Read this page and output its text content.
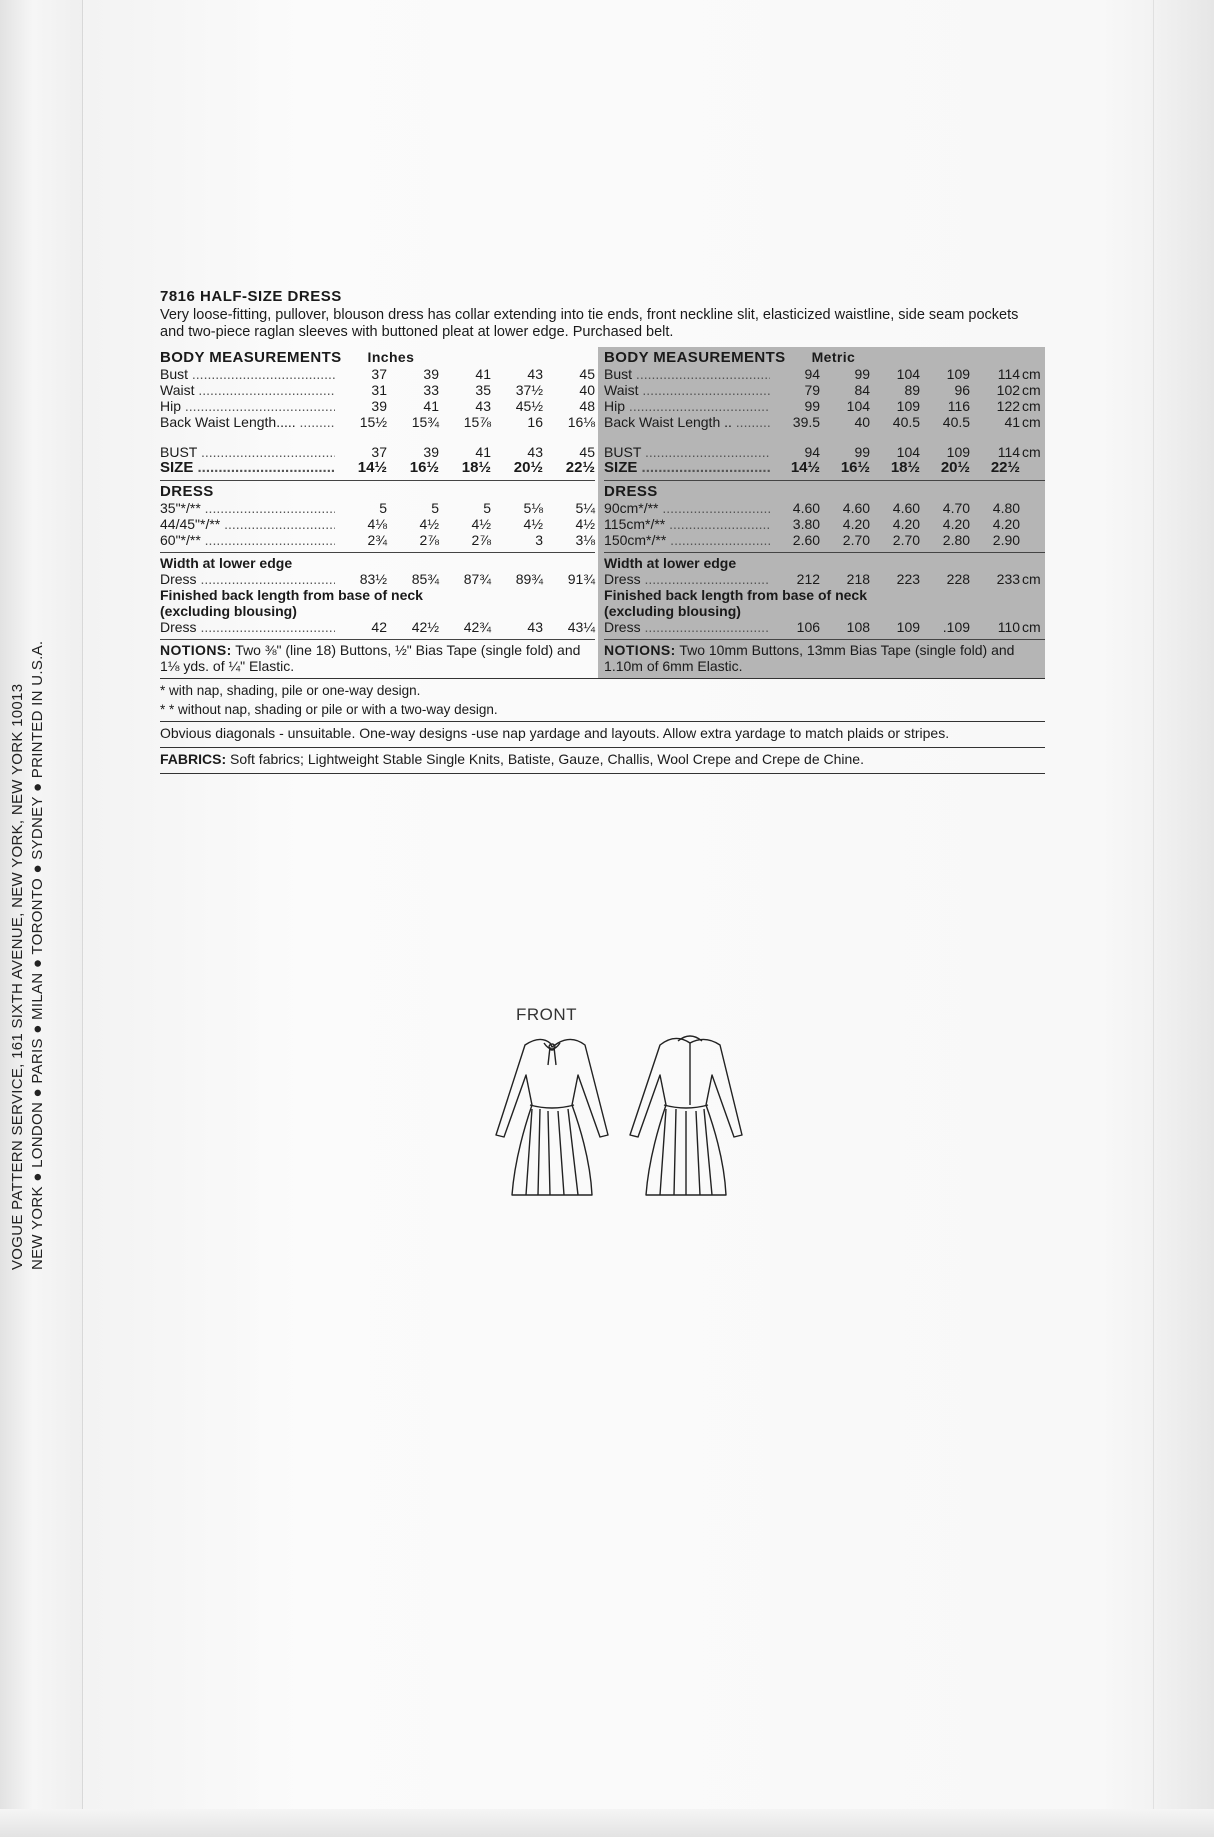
VOGUE PATTERN SERVICE, 161 SIXTH AVENUE, NEW YORK, NEW YORK 10013 NEW YORK ● LONDON ● PARIS ● MILAN ● TORONTO ● SYDNEY ● PRINTED IN U.S.A.
7816 HALF-SIZE DRESS
Very loose-fitting, pullover, blouson dress has collar extending into tie ends, front neckline slit, elasticized waistline, side seam pockets and two-piece raglan sleeves with buttoned pleat at lower edge. Purchased belt.
BODY MEASUREMENTS Inches
Bust .....	37	39	41	43	45
Waist .....	31	33	35	37½	40
Hip .....	39	41	43	45½	48
Back Waist Length..... .....	15½	15¾	15⅞	16	16⅛
BUST .....	37	39	41	43	45
SIZE .....	14½	16½	18½	20½	22½
DRESS
35"*/** .....	5	5	5	5⅛	5¼
44/45"*/** .....	4⅛	4½	4½	4½	4½
60"*/** .....	2¾	2⅞	2⅞	3	3⅛
Width at lower edge
Dress .....	83½	85¾	87¾	89¾	91¾
Finished back length from base of neck
(excluding blousing)
Dress .....	42	42½	42¾	43	43¼
NOTIONS: Two ⅜" (line 18) Buttons, ½" Bias Tape (single fold) and 1⅛ yds. of ¼" Elastic.
BODY MEASUREMENTS Metric
Bust .....	94	99	104	109	114 cm
Waist .....	79	84	89	96	102 cm
Hip .....	99	104	109	116	122 cm
Back Waist Length .. .....	39.5	40	40.5	40.5	41 cm
BUST .....	94	99	104	109	114 cm
SIZE .....	14½	16½	18½	20½	22½
DRESS
90cm*/** .....	4.60	4.60	4.60	4.70	4.80
115cm*/** .....	3.80	4.20	4.20	4.20	4.20
150cm*/** .....	2.60	2.70	2.70	2.80	2.90
Width at lower edge
Dress .....	212	218	223	228	233 cm
Finished back length from base of neck
(excluding blousing)
Dress .....	106	108	109	.109	110 cm
NOTIONS: Two 10mm Buttons, 13mm Bias Tape (single fold) and 1.10m of 6mm Elastic.
* with nap, shading, pile or one-way design.
* * without nap, shading or pile or with a two-way design.
Obvious diagonals - unsuitable. One-way designs -use nap yardage and layouts. Allow extra yardage to match plaids or stripes.
FABRICS: Soft fabrics; Lightweight Stable Single Knits, Batiste, Gauze, Challis, Wool Crepe and Crepe de Chine.
FRONT
